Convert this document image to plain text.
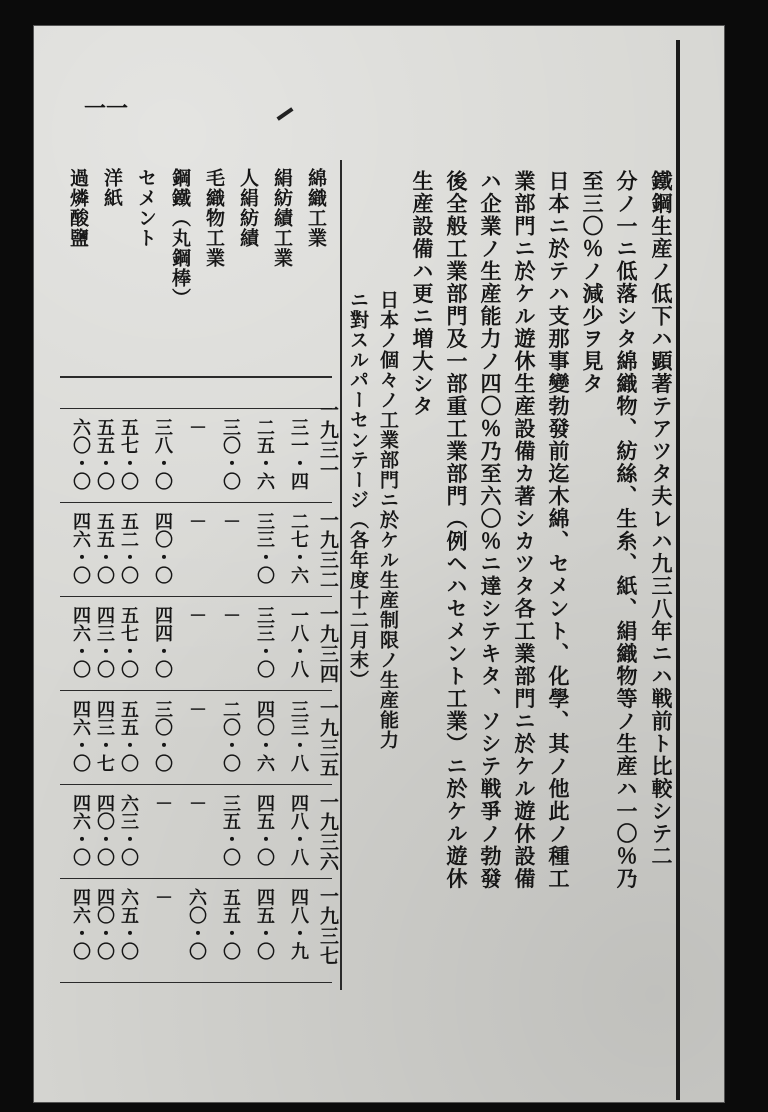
一一
鐵鋼生産ノ低下ハ顕著テアツタ夫レハ九三八年ニハ戦前ト比較シテ二
分ノ一ニ低落シタ綿織物、紡絲、生糸、紙、絹織物等ノ生産ハ一〇％乃
至三〇％ノ減少ヲ見タ
日本ニ於テハ支那事變勃發前迄木綿、セメント、化學、其ノ他此ノ種工
業部門ニ於ケル遊休生産設備カ著シカツタ各工業部門ニ於ケル遊休設備
ハ企業ノ生産能力ノ四〇％乃至六〇％ニ達シテキタ、ソシテ戦爭ノ勃發
後全般工業部門及一部重工業部門（例ヘハセメント工業）ニ於ケル遊休
生産設備ハ更ニ増大シタ
日本ノ個々ノ工業部門ニ於ケル生産制限ノ生産能力
ニ對スルパーセンテージ（各年度十二月末）
一九三一
一九三二
一九三四
一九三五
一九三六
一九三七
綿織工業
絹紡績工業
人絹紡績
毛織物工業
鋼鐵（丸鋼棒）
セメント
洋紙
過燐酸鹽
三一・四
二七・六
一八・八
三三・八
四八・八
四八・九
二五・六
三三・〇
三三・〇
四〇・六
四五・〇
四五・〇
三〇・〇
－
－
二〇・〇
三五・〇
五五・〇
－
－
－
－
－
六〇・〇
三八・〇
四〇・〇
四四・〇
三〇・〇
－
－
五七・〇
五二・〇
五七・〇
五五・〇
六三・〇
六五・〇
五五・〇
五五・〇
四三・〇
四三・七
四〇・〇
四〇・〇
六〇・〇
四六・〇
四六・〇
四六・〇
四六・〇
四六・〇
